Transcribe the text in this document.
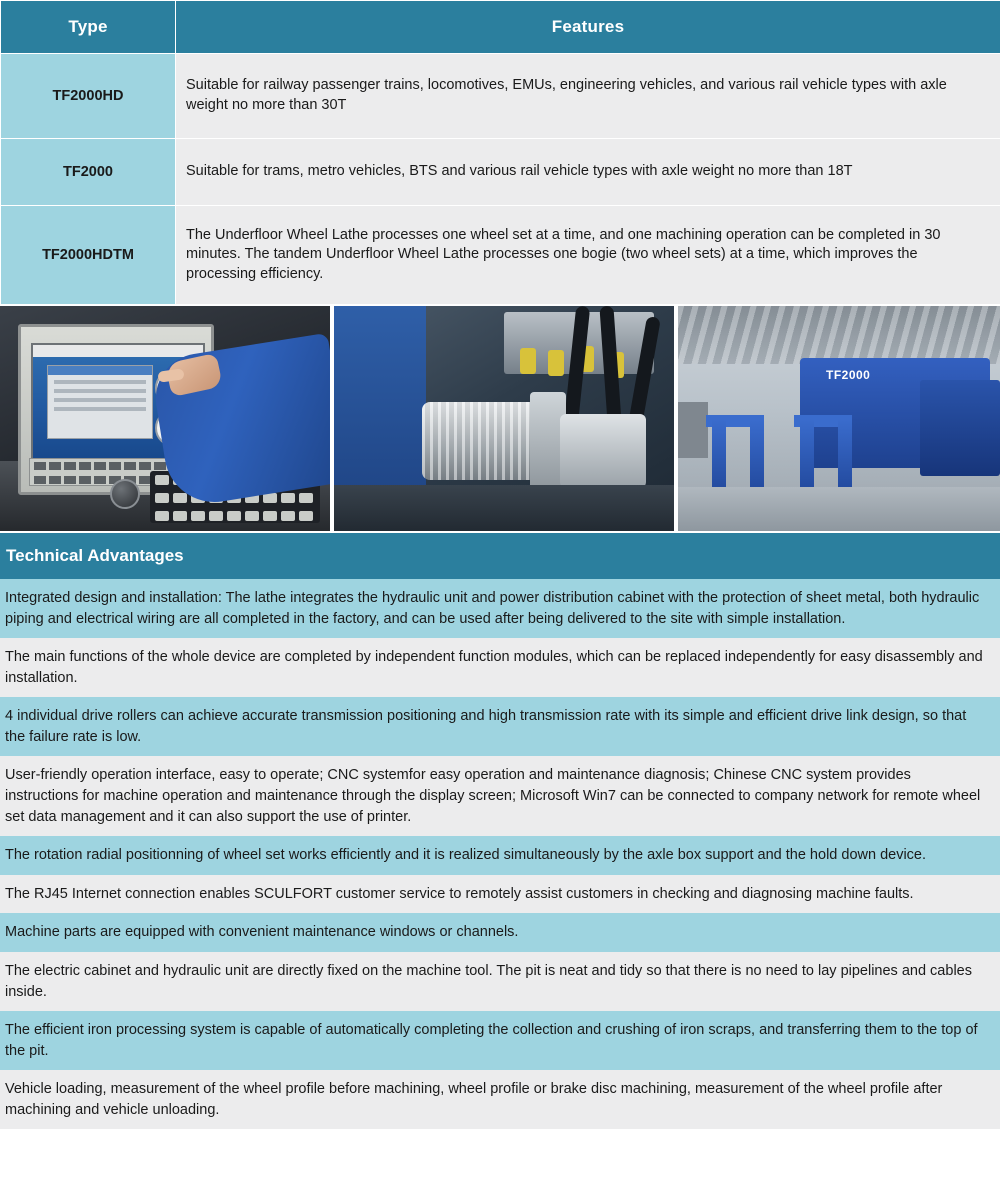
Type	Features
TF2000HD	Suitable for railway passenger trains, locomotives, EMUs, engineering vehicles, and various rail vehicle types with axle weight no more than 30T
TF2000	Suitable for trams, metro vehicles, BTS and various rail vehicle types with axle weight no more than 18T
TF2000HDTM	The Underfloor Wheel Lathe processes one wheel set at a time, and one machining operation can be completed in 30 minutes. The tandem Underfloor Wheel Lathe processes one bogie (two wheel sets) at a time, which improves the processing efficiency.
TF2000
Technical Advantages
Integrated design and installation: The lathe integrates the hydraulic unit and power distribution cabinet with the protection of sheet metal, both hydraulic piping and electrical wiring are all completed in the factory, and can be used after being delivered to the site with simple installation.
The main functions of the whole device are completed by independent function modules, which can be replaced independently for easy disassembly and installation.
4 individual drive rollers can achieve accurate transmission positioning and high transmission rate with its simple and efficient drive link design, so that the failure rate is low.
User-friendly operation interface, easy to operate; CNC systemfor easy operation and maintenance diagnosis; Chinese CNC system provides instructions for machine operation and maintenance through the display screen; Microsoft Win7 can be connected to company network for remote wheel set data management and it can also support the use of printer.
The rotation radial positionning of wheel set works efficiently and it is realized simultaneously by the axle box support and the hold down device.
The RJ45 Internet connection enables SCULFORT customer service to remotely assist customers in checking and diagnosing machine faults.
Machine parts are equipped with convenient maintenance windows or channels.
The electric cabinet and hydraulic unit are directly fixed on the machine tool. The pit is neat and tidy so that there is no need to lay pipelines and cables inside.
The efficient iron processing system is capable of automatically completing the collection and crushing of iron scraps, and transferring them to the top of the pit.
Vehicle loading, measurement of the wheel profile before machining, wheel profile or brake disc machining, measurement of the wheel profile after machining and vehicle unloading.
